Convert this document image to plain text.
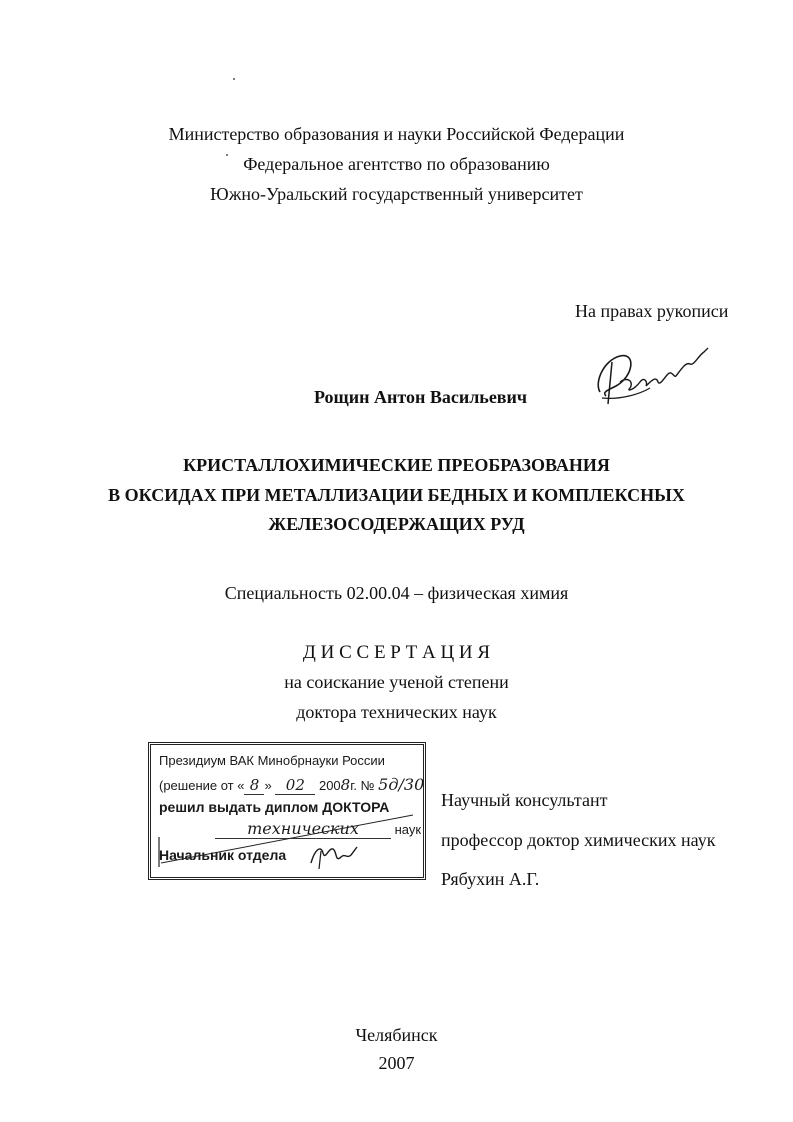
Министерство образования и науки Российской Федерации
Федеральное агентство по образованию
Южно-Уральский государственный университет
На правах рукописи
Рощин Антон Васильевич
КРИСТАЛЛОХИМИЧЕСКИЕ ПРЕОБРАЗОВАНИЯ
В ОКСИДАХ ПРИ МЕТАЛЛИЗАЦИИ БЕДНЫХ И КОМПЛЕКСНЫХ
ЖЕЛЕЗОСОДЕРЖАЩИХ РУД
Специальность 02.00.04 – физическая химия
Д И С С Е Р Т А Ц И Я
на соискание ученой степени
доктора технических наук
Президиум ВАК Минобрнауки России
(решение от « 8 » 02 2008г. № 5д/30
решил выдать диплом ДОКТОРА
технических	наук
Начальник отдела
Научный консультант
профессор доктор химических наук
Рябухин А.Г.
Челябинск
2007
